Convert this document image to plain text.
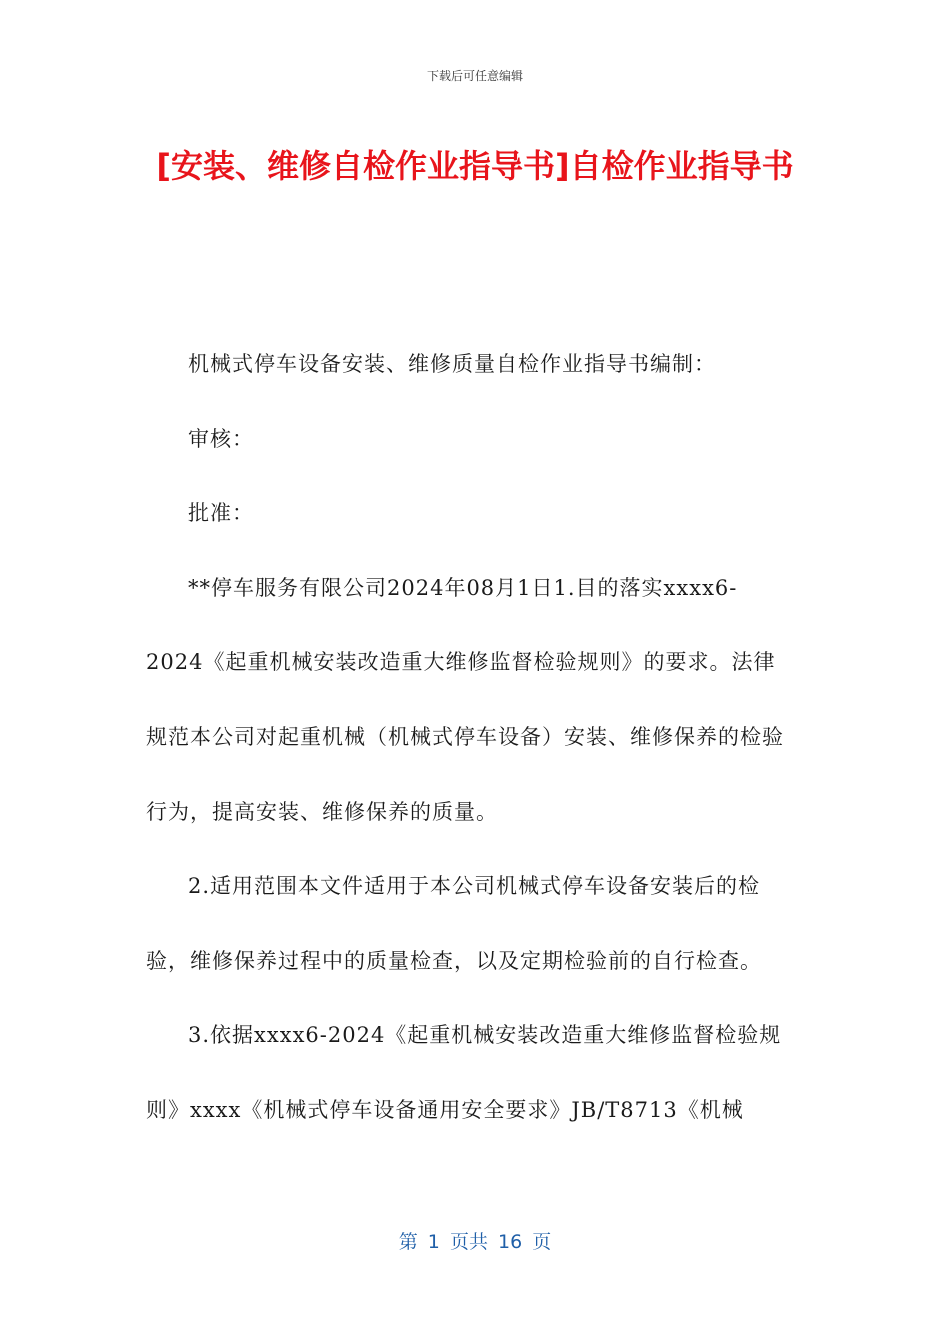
下载后可任意编辑
[安装、维修自检作业指导书]自检作业指导书

机械式停车设备安装、维修质量自检作业指导书编制：

审核：

批准：

**停车服务有限公司2024年08月1日1.目的落实xxxx6-2024《起重机械安装改造重大维修监督检验规则》的要求。法律规范本公司对起重机械（机械式停车设备）安装、维修保养的检验行为，提高安装、维修保养的质量。

2.适用范围本文件适用于本公司机械式停车设备安装后的检验，维修保养过程中的质量检查，以及定期检验前的自行检查。

3.依据xxxx6-2024《起重机械安装改造重大维修监督检验规则》xxxx《机械式停车设备通用安全要求》JB/T8713《机械

第 1 页共 16 页
